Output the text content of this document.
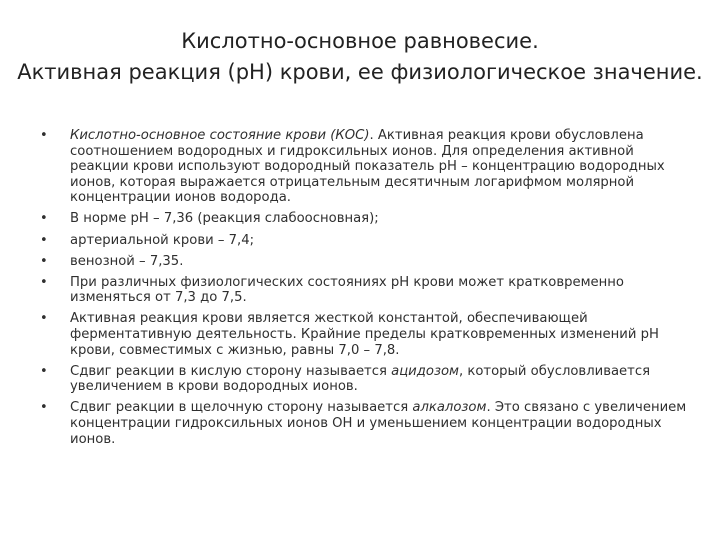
Кислотно-основное равновесие.
Активная реакция (pH) крови, ее физиологическое значение.
•	Кислотно-основное состояние крови (КОС). Активная реакция крови обусловлена соотношением водородных и гидроксильных ионов. Для определения активной реакции крови используют водородный показатель рН – концентрацию водородных ионов, которая выражается отрицательным десятичным логарифмом молярной концентрации ионов водорода.
•	В норме рН – 7,36 (реакция слабоосновная);
•	артериальной крови – 7,4;
•	венозной – 7,35.
•	При различных физиологических состояниях рН крови может кратковременно изменяться от 7,3 до 7,5.
•	Активная реакция крови является жесткой константой, обеспечивающей ферментативную деятельность. Крайние пределы кратковременных изменений рН крови, совместимых с жизнью, равны 7,0 – 7,8.
•	Сдвиг реакции в кислую сторону называется ацидозом, который обусловливается увеличением в крови водородных ионов.
•	Сдвиг реакции в щелочную сторону называется алкалозом. Это связано с увеличением концентрации гидроксильных ионов ОН и уменьшением концентрации водородных ионов.
